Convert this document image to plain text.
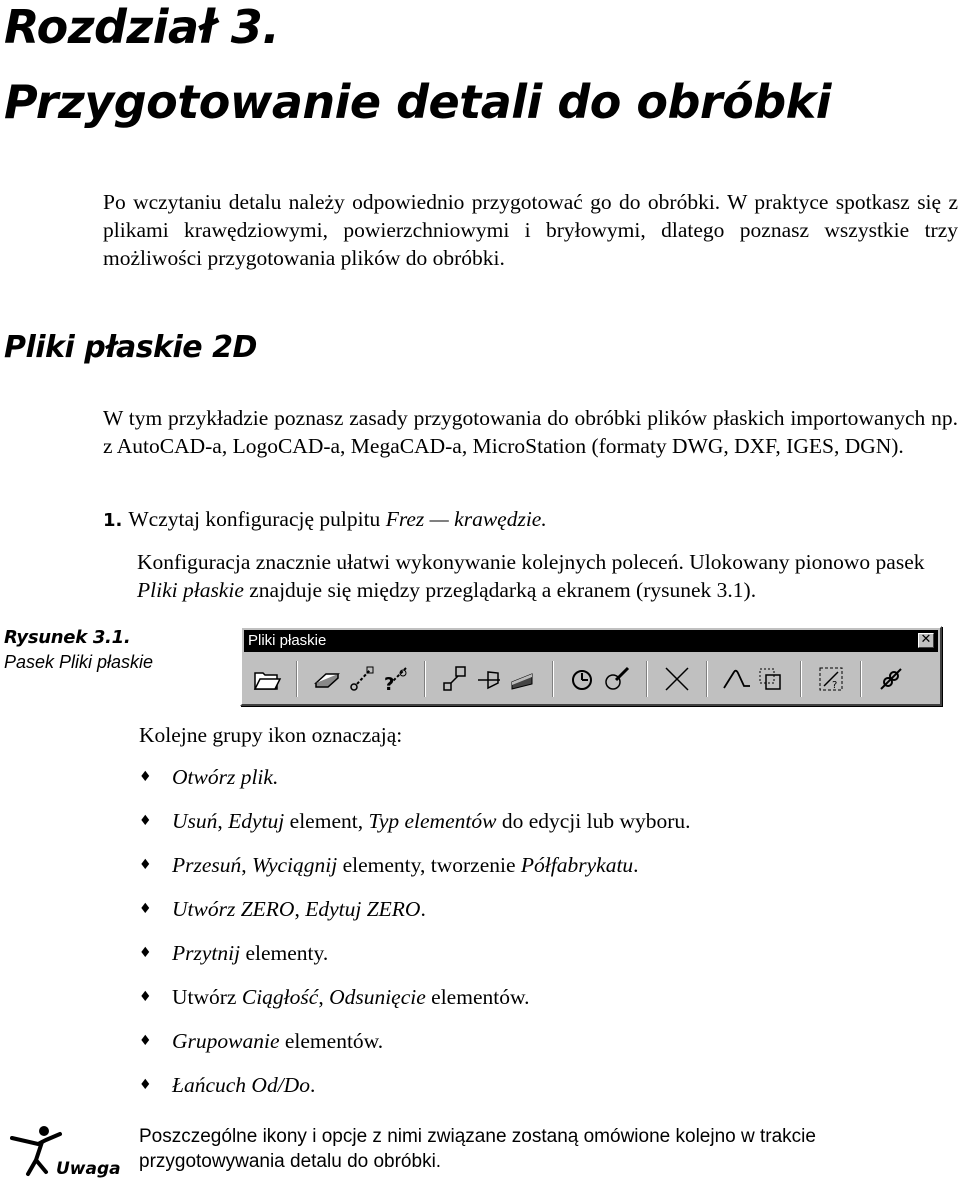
Rozdział 3.
Przygotowanie detali do obróbki

Po wczytaniu detalu należy odpowiednio przygotować go do obróbki. W praktyce spotkasz się z plikami krawędziowymi, powierzchniowymi i bryłowymi, dlatego poznasz wszystkie trzy możliwości przygotowania plików do obróbki.

Pliki płaskie 2D

W tym przykładzie poznasz zasady przygotowania do obróbki plików płaskich importowanych np. z AutoCAD-a, LogoCAD-a, MegaCAD-a, MicroStation (formaty DWG, DXF, IGES, DGN).

1. Wczytaj konfigurację pulpitu Frez — krawędzie.

Konfiguracja znacznie ułatwi wykonywanie kolejnych poleceń. Ulokowany pionowo pasek Pliki płaskie znajduje się między przeglądarką a ekranem (rysunek 3.1).

Rysunek 3.1.
Pasek Pliki płaskie
Pliki płaskie	✕
?	?

Kolejne grupy ikon oznaczają:

♦ Otwórz plik.
♦ Usuń, Edytuj element, Typ elementów do edycji lub wyboru.
♦ Przesuń, Wyciągnij elementy, tworzenie Półfabrykatu.
♦ Utwórz ZERO, Edytuj ZERO.
♦ Przytnij elementy.
♦ Utwórz Ciągłość, Odsunięcie elementów.
♦ Grupowanie elementów.
♦ Łańcuch Od/Do.
Uwaga

Poszczególne ikony i opcje z nimi związane zostaną omówione kolejno w trakcie przygotowywania detalu do obróbki.
